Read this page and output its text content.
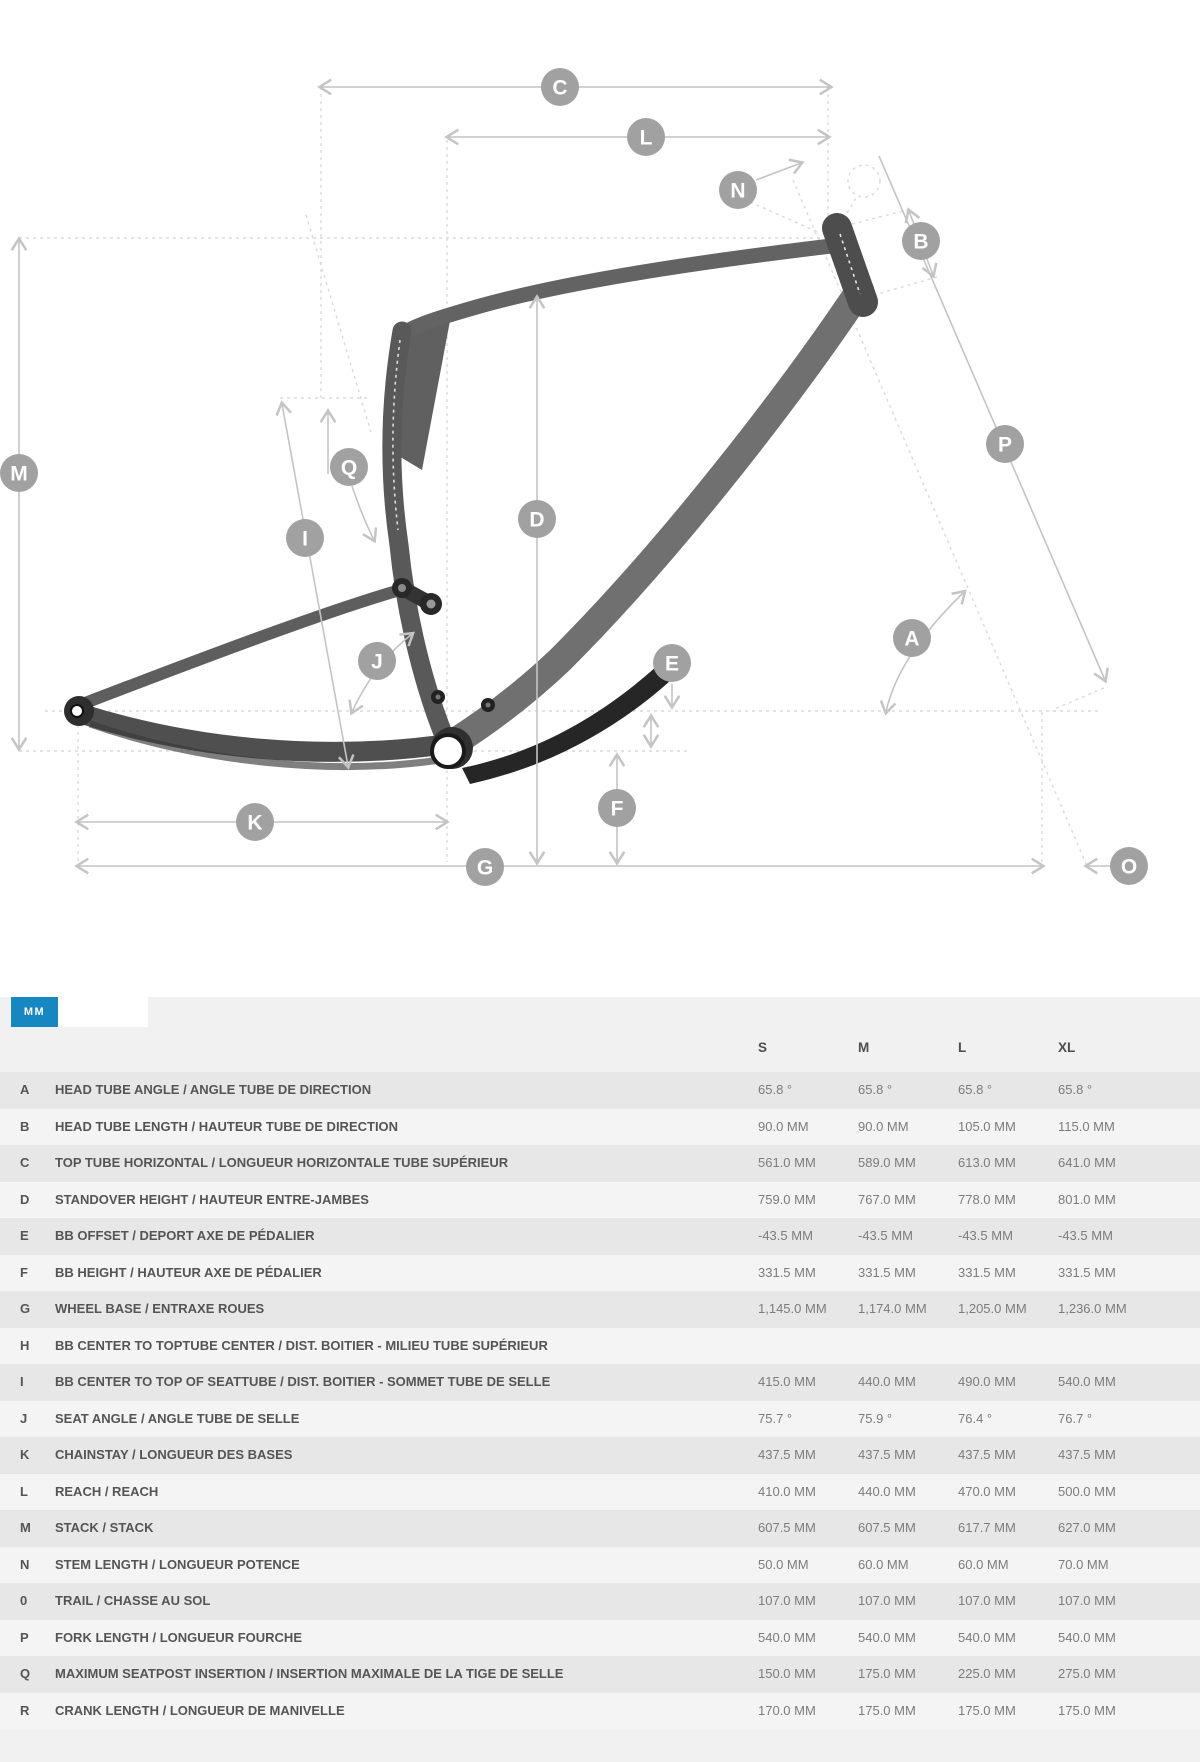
C
L
N
B
M	Q
D
I
P
A
J	E
K
F
G	O
MM
S	M	L	XL
A HEAD TUBE ANGLE / ANGLE TUBE DE DIRECTION	65.8 °	65.8 °	65.8 °	65.8 °
B HEAD TUBE LENGTH / HAUTEUR TUBE DE DIRECTION	90.0 MM	90.0 MM	105.0 MM	115.0 MM
C TOP TUBE HORIZONTAL / LONGUEUR HORIZONTALE TUBE SUPÉRIEUR	561.0 MM	589.0 MM	613.0 MM	641.0 MM
D STANDOVER HEIGHT / HAUTEUR ENTRE-JAMBES	759.0 MM	767.0 MM	778.0 MM	801.0 MM
E BB OFFSET / DEPORT AXE DE PÉDALIER	-43.5 MM	-43.5 MM	-43.5 MM	-43.5 MM
F BB HEIGHT / HAUTEUR AXE DE PÉDALIER	331.5 MM	331.5 MM	331.5 MM	331.5 MM
G WHEEL BASE / ENTRAXE ROUES	1,145.0 MM 1,174.0 MM 1,205.0 MM 1,236.0 MM
H BB CENTER TO TOPTUBE CENTER / DIST. BOITIER - MILIEU TUBE SUPÉRIEUR
I BB CENTER TO TOP OF SEATTUBE / DIST. BOITIER - SOMMET TUBE DE SELLE	415.0 MM	440.0 MM	490.0 MM	540.0 MM
J SEAT ANGLE / ANGLE TUBE DE SELLE	75.7 °	75.9 °	76.4 °	76.7 °
K CHAINSTAY / LONGUEUR DES BASES	437.5 MM	437.5 MM	437.5 MM	437.5 MM
L REACH / REACH	410.0 MM	440.0 MM	470.0 MM	500.0 MM
M STACK / STACK	607.5 MM	607.5 MM	617.7 MM	627.0 MM
N STEM LENGTH / LONGUEUR POTENCE	50.0 MM	60.0 MM	60.0 MM	70.0 MM
0 TRAIL / CHASSE AU SOL	107.0 MM	107.0 MM	107.0 MM	107.0 MM
P FORK LENGTH / LONGUEUR FOURCHE	540.0 MM	540.0 MM	540.0 MM	540.0 MM
Q MAXIMUM SEATPOST INSERTION / INSERTION MAXIMALE DE LA TIGE DE SELLE	150.0 MM	175.0 MM	225.0 MM	275.0 MM
R CRANK LENGTH / LONGUEUR DE MANIVELLE	170.0 MM	175.0 MM	175.0 MM	175.0 MM
